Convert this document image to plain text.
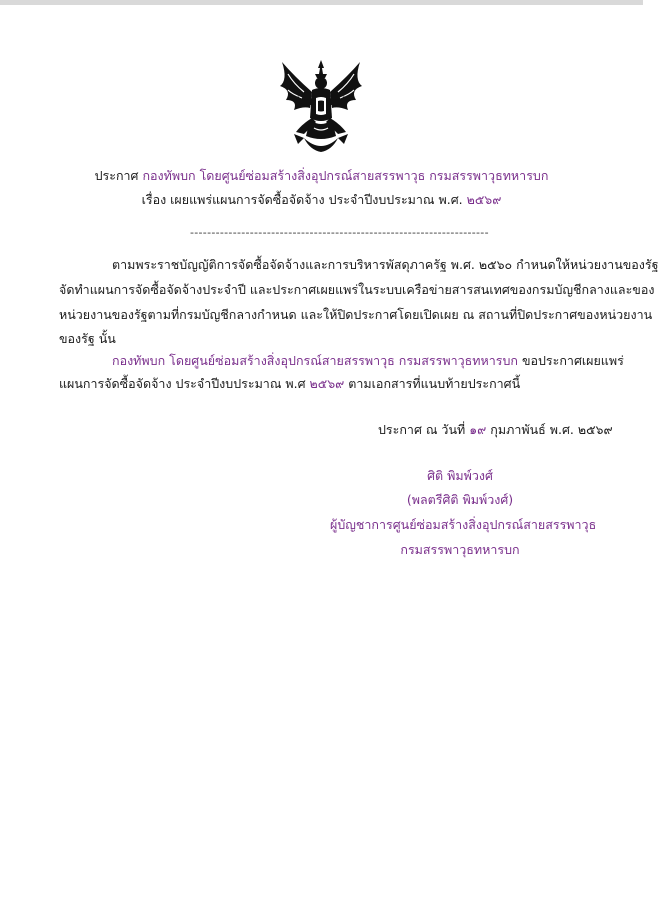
ประกาศ กองทัพบก โดยศูนย์ซ่อมสร้างสิ่งอุปกรณ์สายสรรพาวุธ กรมสรรพาวุธทหารบก
เรื่อง เผยแพร่แผนการจัดซื้อจัดจ้าง ประจำปีงบประมาณ พ.ศ. ๒๕๖๙
----------------------------------------------------------------------
ตามพระราชบัญญัติการจัดซื้อจัดจ้างและการบริหารพัสดุภาครัฐ พ.ศ. ๒๕๖๐ กำหนดให้หน่วยงานของรัฐ
จัดทำแผนการจัดซื้อจัดจ้างประจำปี และประกาศเผยแพร่ในระบบเครือข่ายสารสนเทศของกรมบัญชีกลางและของ
หน่วยงานของรัฐตามที่กรมบัญชีกลางกำหนด และให้ปิดประกาศโดยเปิดเผย ณ สถานที่ปิดประกาศของหน่วยงาน
ของรัฐ นั้น
กองทัพบก โดยศูนย์ซ่อมสร้างสิ่งอุปกรณ์สายสรรพาวุธ กรมสรรพาวุธทหารบก ขอประกาศเผยแพร่
แผนการจัดซื้อจัดจ้าง ประจำปีงบประมาณ พ.ศ ๒๕๖๙ ตามเอกสารที่แนบท้ายประกาศนี้
ประกาศ ณ วันที่ ๑๙ กุมภาพันธ์ พ.ศ. ๒๕๖๙
ศิติ พิมพ์วงศ์
(พลตรีศิติ พิมพ์วงศ์)
ผู้บัญชาการศูนย์ซ่อมสร้างสิ่งอุปกรณ์สายสรรพาวุธ
กรมสรรพาวุธทหารบก
